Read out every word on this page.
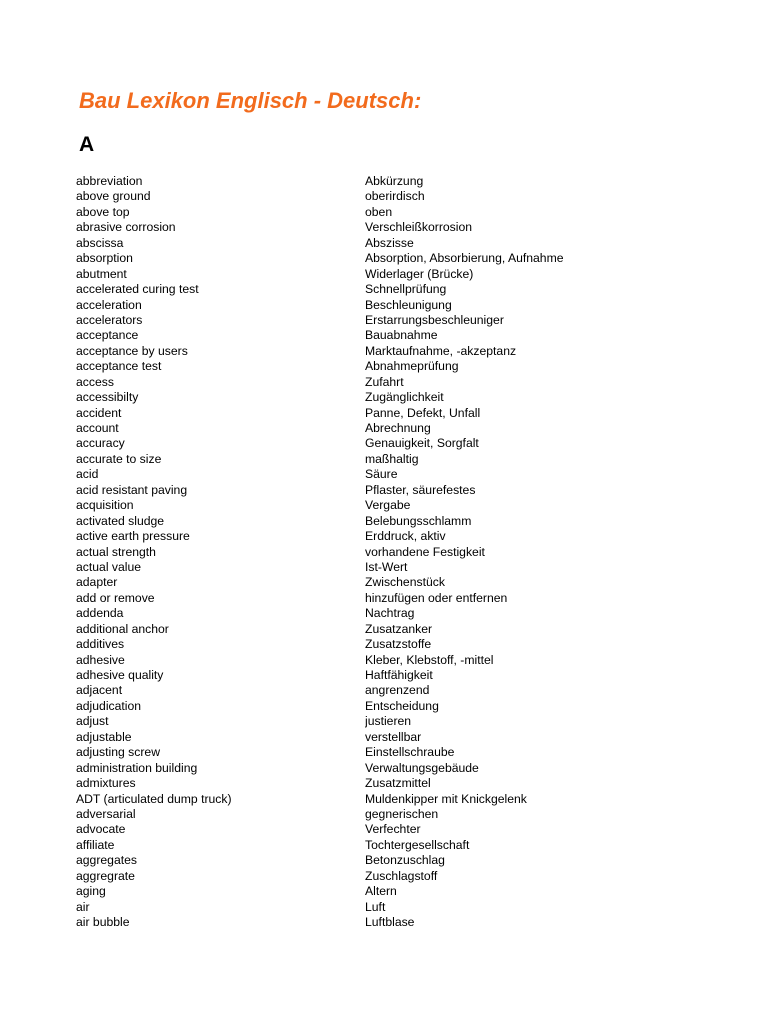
Bau Lexikon Englisch - Deutsch:
A
abbreviation	Abkürzung
above ground	oberirdisch
above top	oben
abrasive corrosion	Verschleißkorrosion
abscissa	Abszisse
absorption	Absorption, Absorbierung, Aufnahme
abutment	Widerlager (Brücke)
accelerated curing test	Schnellprüfung
acceleration	Beschleunigung
accelerators	Erstarrungsbeschleuniger
acceptance	Bauabnahme
acceptance by users	Marktaufnahme, -akzeptanz
acceptance test	Abnahmeprüfung
access	Zufahrt
accessibilty	Zugänglichkeit
accident	Panne, Defekt, Unfall
account	Abrechnung
accuracy	Genauigkeit, Sorgfalt
accurate to size	maßhaltig
acid	Säure
acid resistant paving	Pflaster, säurefestes
acquisition	Vergabe
activated sludge	Belebungsschlamm
active earth pressure	Erddruck, aktiv
actual strength	vorhandene Festigkeit
actual value	Ist-Wert
adapter	Zwischenstück
add or remove	hinzufügen oder entfernen
addenda	Nachtrag
additional anchor	Zusatzanker
additives	Zusatzstoffe
adhesive	Kleber, Klebstoff, -mittel
adhesive quality	Haftfähigkeit
adjacent	angrenzend
adjudication	Entscheidung
adjust	justieren
adjustable	verstellbar
adjusting screw	Einstellschraube
administration building	Verwaltungsgebäude
admixtures	Zusatzmittel
ADT (articulated dump truck)	Muldenkipper mit Knickgelenk
adversarial	gegnerischen
advocate	Verfechter
affiliate	Tochtergesellschaft
aggregates	Betonzuschlag
aggregrate	Zuschlagstoff
aging	Altern
air	Luft
air bubble	Luftblase
